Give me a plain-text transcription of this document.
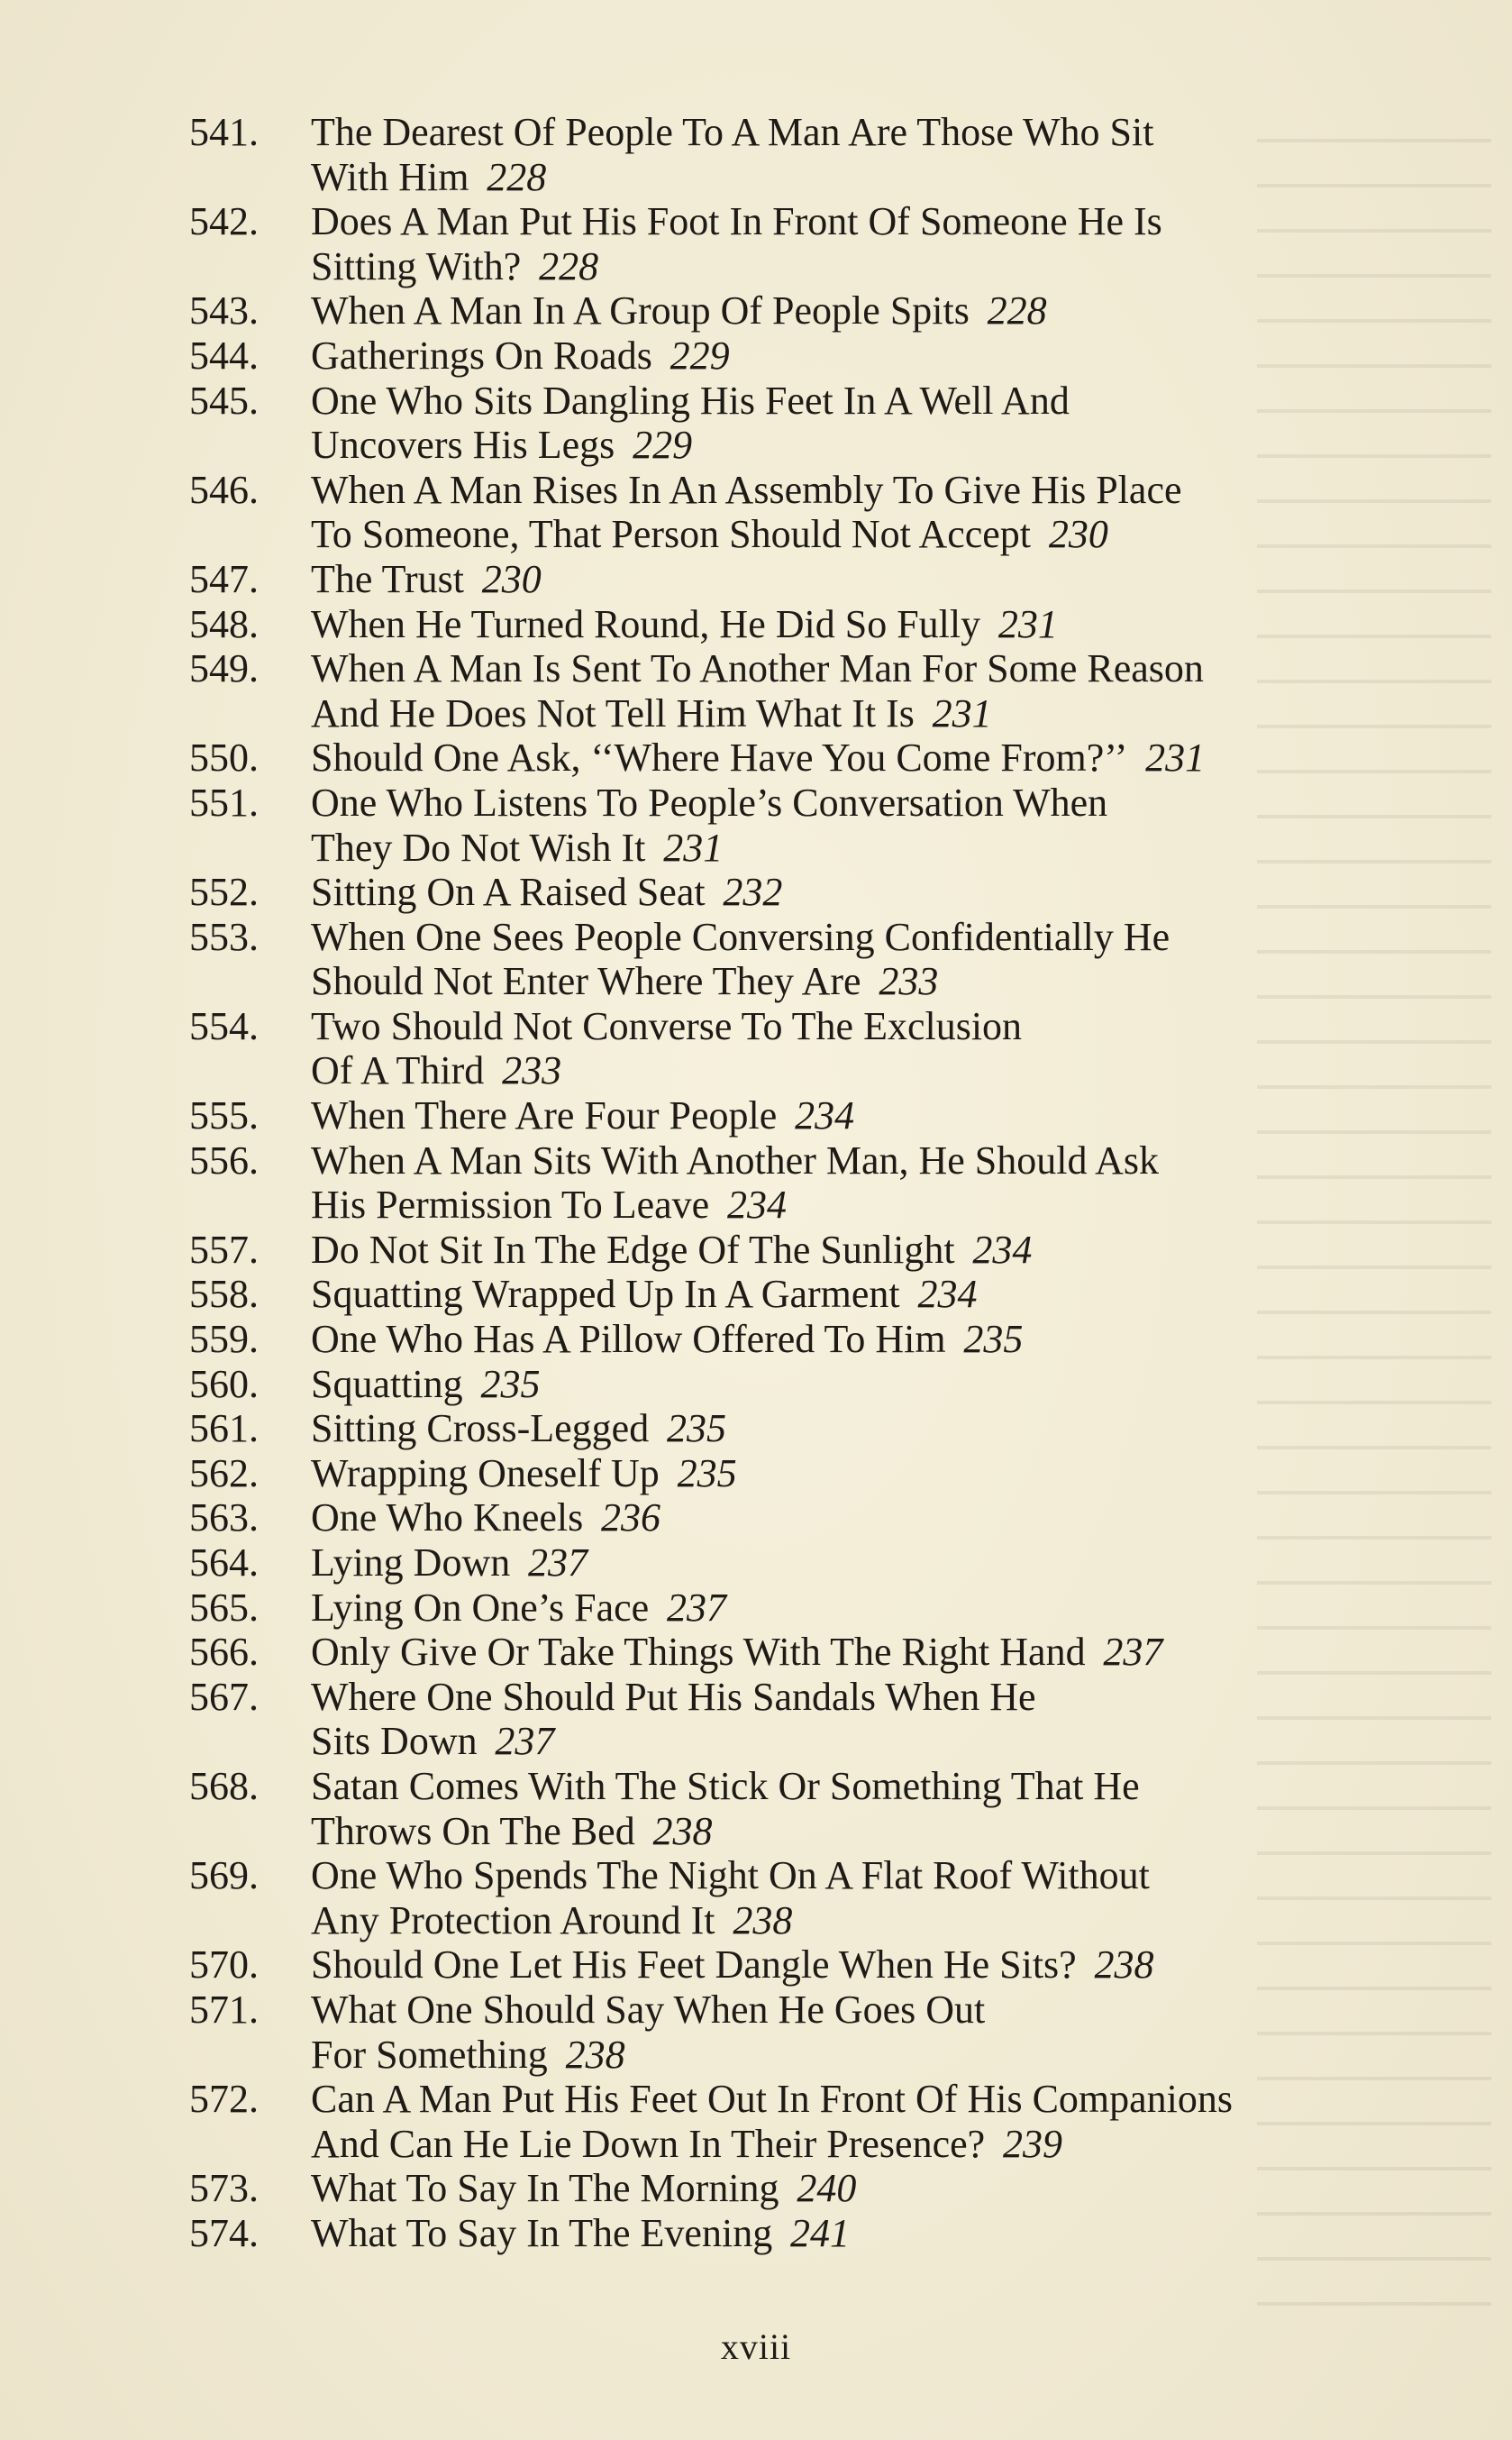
541. The Dearest Of People To A Man Are Those Who Sit
With Him 228
542. Does A Man Put His Foot In Front Of Someone He Is
Sitting With? 228
543. When A Man In A Group Of People Spits 228
544. Gatherings On Roads 229
545. One Who Sits Dangling His Feet In A Well And
Uncovers His Legs 229
546. When A Man Rises In An Assembly To Give His Place
To Someone, That Person Should Not Accept 230
547. The Trust 230
548. When He Turned Round, He Did So Fully 231
549. When A Man Is Sent To Another Man For Some Reason
And He Does Not Tell Him What It Is 231
550. Should One Ask, ‘‘Where Have You Come From?’’ 231
551. One Who Listens To People’s Conversation When
They Do Not Wish It 231
552. Sitting On A Raised Seat 232
553. When One Sees People Conversing Confidentially He
Should Not Enter Where They Are 233
554. Two Should Not Converse To The Exclusion
Of A Third 233
555. When There Are Four People 234
556. When A Man Sits With Another Man, He Should Ask
His Permission To Leave 234
557. Do Not Sit In The Edge Of The Sunlight 234
558. Squatting Wrapped Up In A Garment 234
559. One Who Has A Pillow Offered To Him 235
560. Squatting 235
561. Sitting Cross-Legged 235
562. Wrapping Oneself Up 235
563. One Who Kneels 236
564. Lying Down 237
565. Lying On One’s Face 237
566. Only Give Or Take Things With The Right Hand 237
567. Where One Should Put His Sandals When He
Sits Down 237
568. Satan Comes With The Stick Or Something That He
Throws On The Bed 238
569. One Who Spends The Night On A Flat Roof Without
Any Protection Around It 238
570. Should One Let His Feet Dangle When He Sits? 238
571. What One Should Say When He Goes Out
For Something 238
572. Can A Man Put His Feet Out In Front Of His Companions
And Can He Lie Down In Their Presence? 239
573. What To Say In The Morning 240
574. What To Say In The Evening 241
xviii
